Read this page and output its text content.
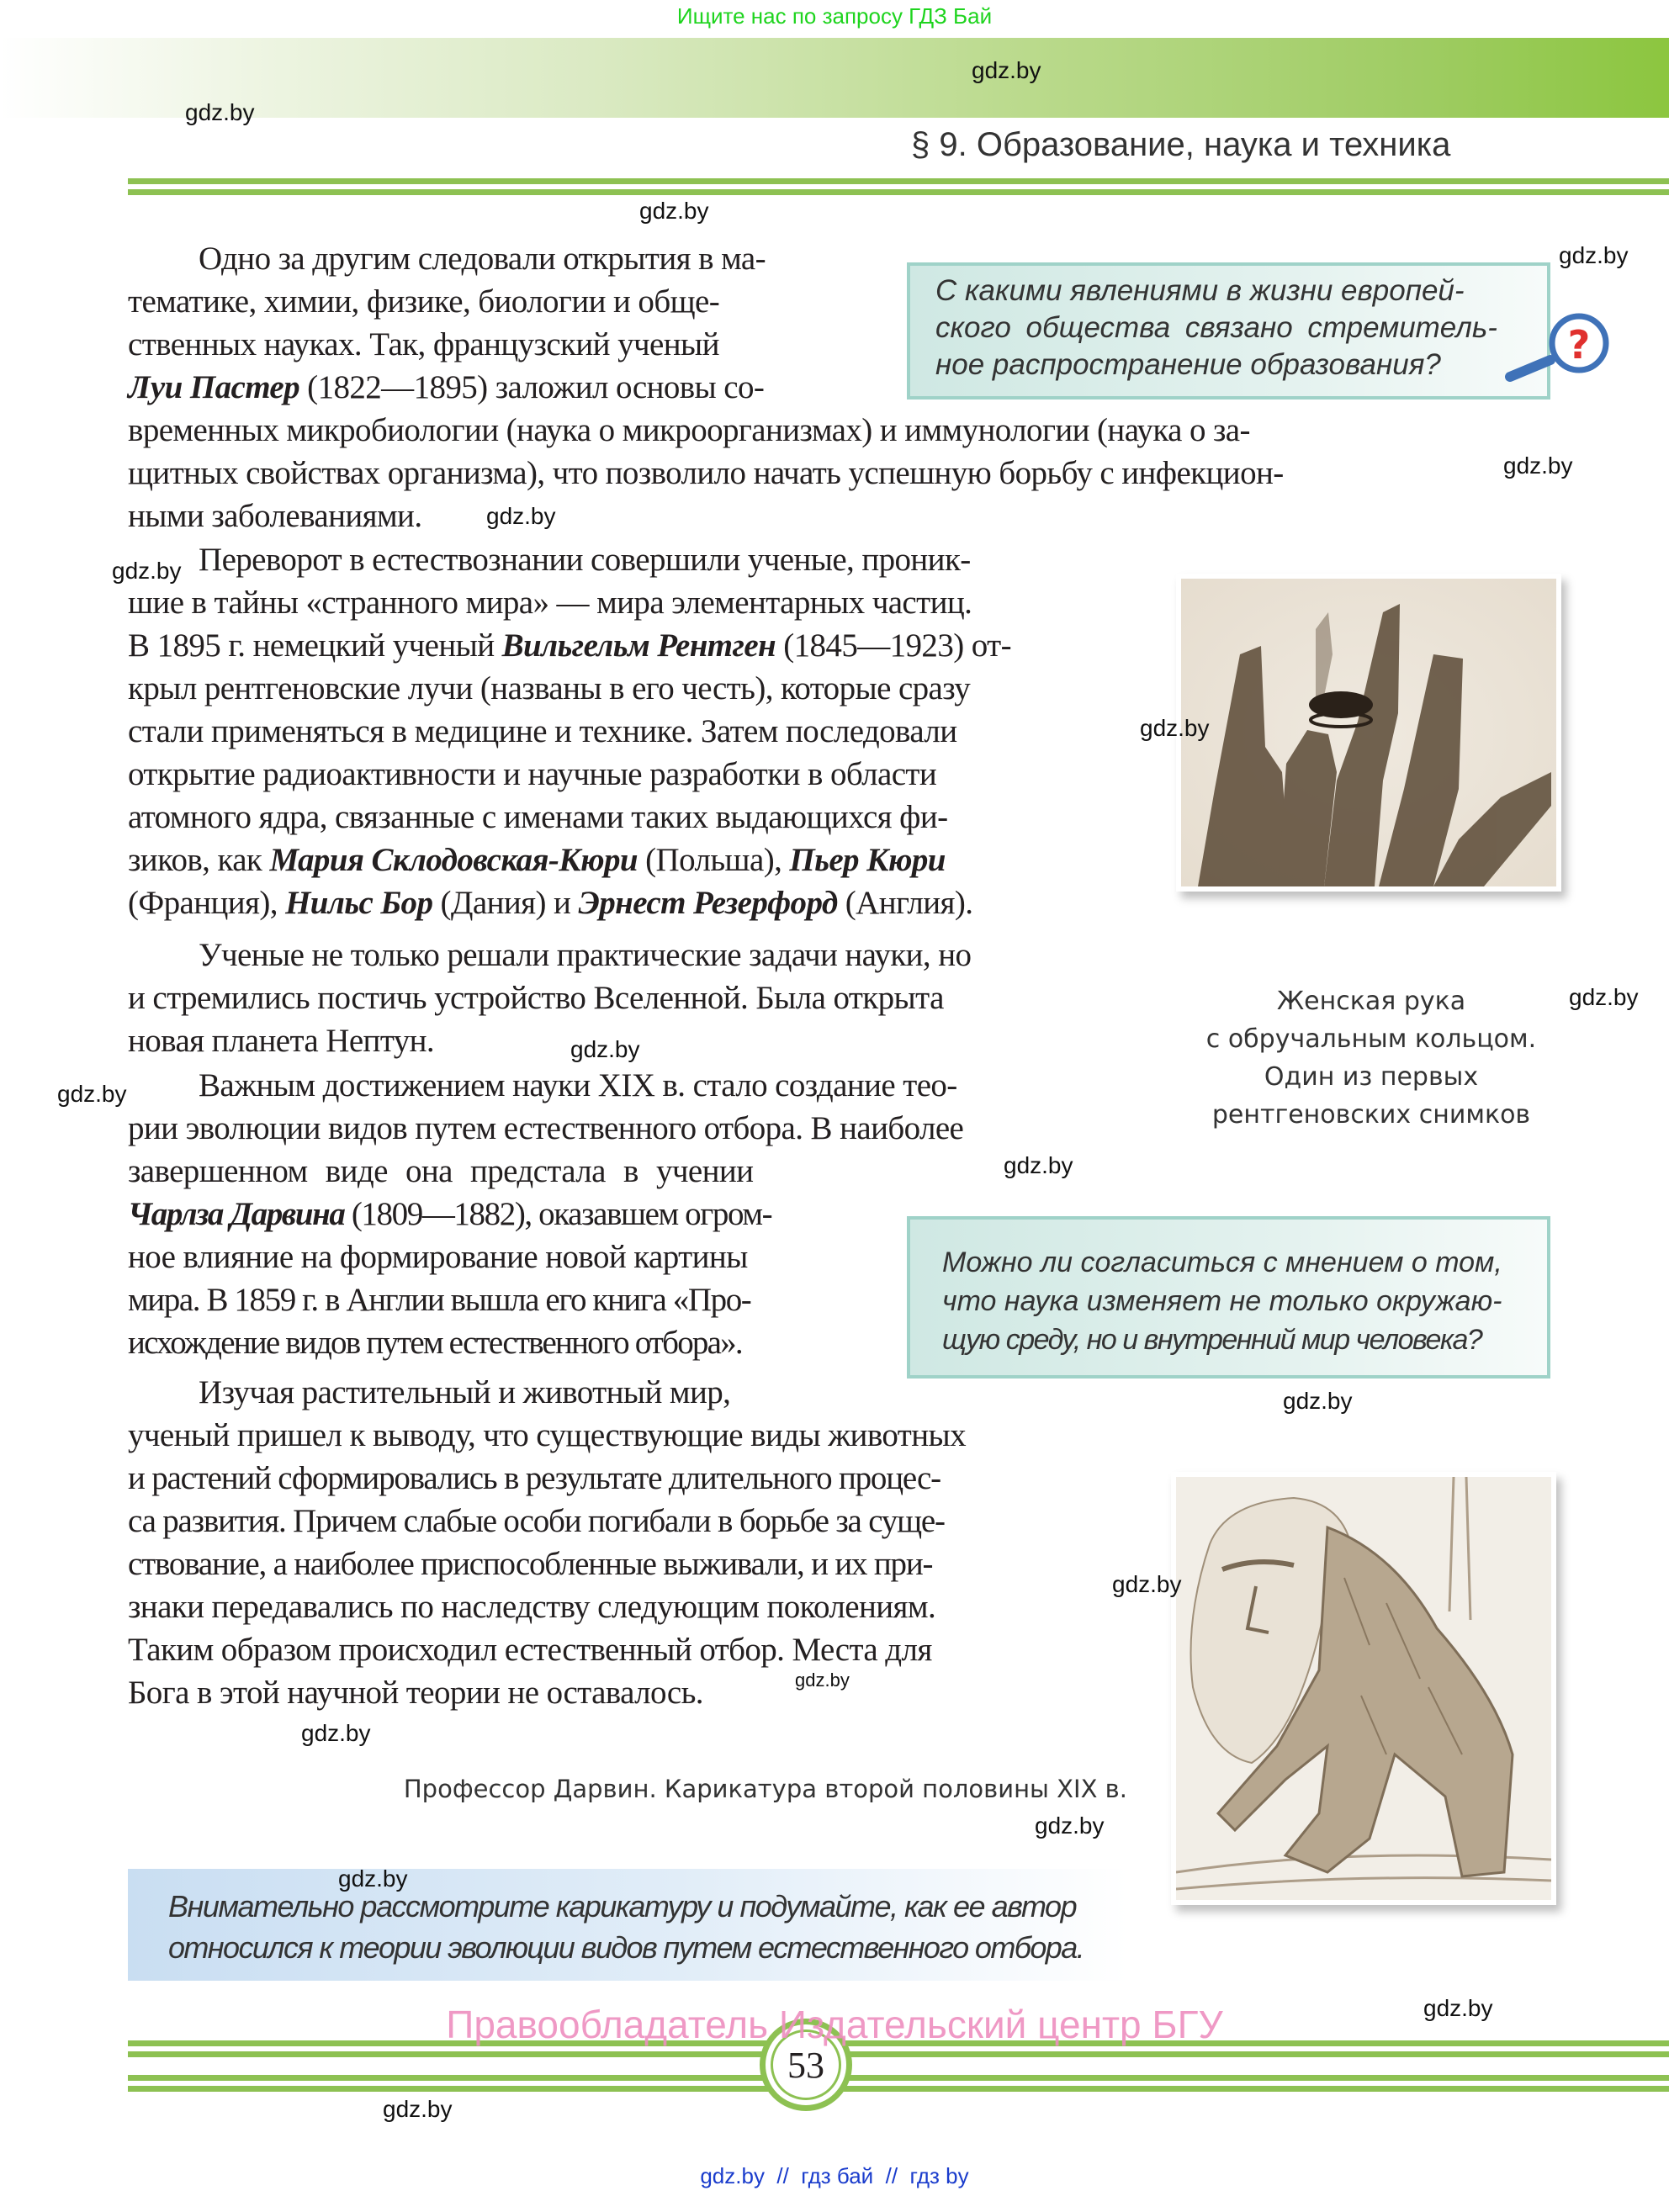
Ищите нас по запросу ГДЗ Бай
§ 9. Образование, наука и техника

С какими явлениями в жизни европей-

ского общества связано стремитель-

ное распространение образования?	?
Одно за другим следовали открытия в ма-
тематике, химии, физике, биологии и обще-
ственных науках. Так, французский ученый
Луи Пастер (1822—1895) заложил основы со-
временных микробиологии (наука о микроорганизмах) и иммунологии (наука о за-
щитных свойствах организма), что позволило начать успешную борьбу с инфекцион-
ными заболеваниями.
Переворот в естествознании совершили ученые, проник-
шие в тайны «странного мира» — мира элементарных частиц.
В 1895 г. немецкий ученый Вильгельм Рентген (1845—1923) от-
крыл рентгеновские лучи (названы в его честь), которые сразу
стали применяться в медицине и технике. Затем последовали
открытие радиоактивности и научные разработки в области
атомного ядра, связанные с именами таких выдающихся фи-
зиков, как Мария Склодовская-Кюри (Польша), Пьер Кюри
(Франция), Нильс Бор (Дания) и Эрнест Резерфорд (Англия).
Ученые не только решали практические задачи науки, но
и стремились постичь устройство Вселенной. Была открыта
новая планета Нептун.
Важным достижением науки XIX в. стало создание тео-
рии эволюции видов путем естественного отбора. В наиболее
завершенном виде она предстала в учении
Чарлза Дарвина (1809—1882), оказавшем огром-
ное влияние на формирование новой картины
мира. В 1859 г. в Англии вышла его книга «Про-
исхождение видов путем естественного отбора».
Изучая растительный и животный мир,
ученый пришел к выводу, что существующие виды животных
и растений сформировались в результате длительного процес-
са развития. Причем слабые особи погибали в борьбе за суще-
ствование, а наиболее приспособленные выживали, и их при-
знаки передавались по наследству следующим поколениям.
Таким образом происходил естественный отбор. Места для
Бога в этой научной теории не оставалось.
Женская рука
с обручальным кольцом.
Один из первых
рентгеновских снимков

Можно ли согласиться с мнением о том,

что наука изменяет не только окружаю-

щую среду, но и внутренний мир человека?

Профессор Дарвин. Карикатура второй половины XIX в.
Внимательно рассмотрите карикатуру и подумайте, как ее автор
относился к теории эволюции видов путем естественного отбора.
53
Правообладатель Издательский центр БГУ
gdz.by  //  гдз бай  //  гдз by
gdz.by
gdz.by
gdz.by
gdz.by
gdz.by
gdz.by
gdz.by
gdz.by
gdz.by
gdz.by
gdz.by
gdz.by
gdz.by
gdz.by
gdz.by
gdz.by
gdz.by
gdz.by
gdz.by
gdz.by
